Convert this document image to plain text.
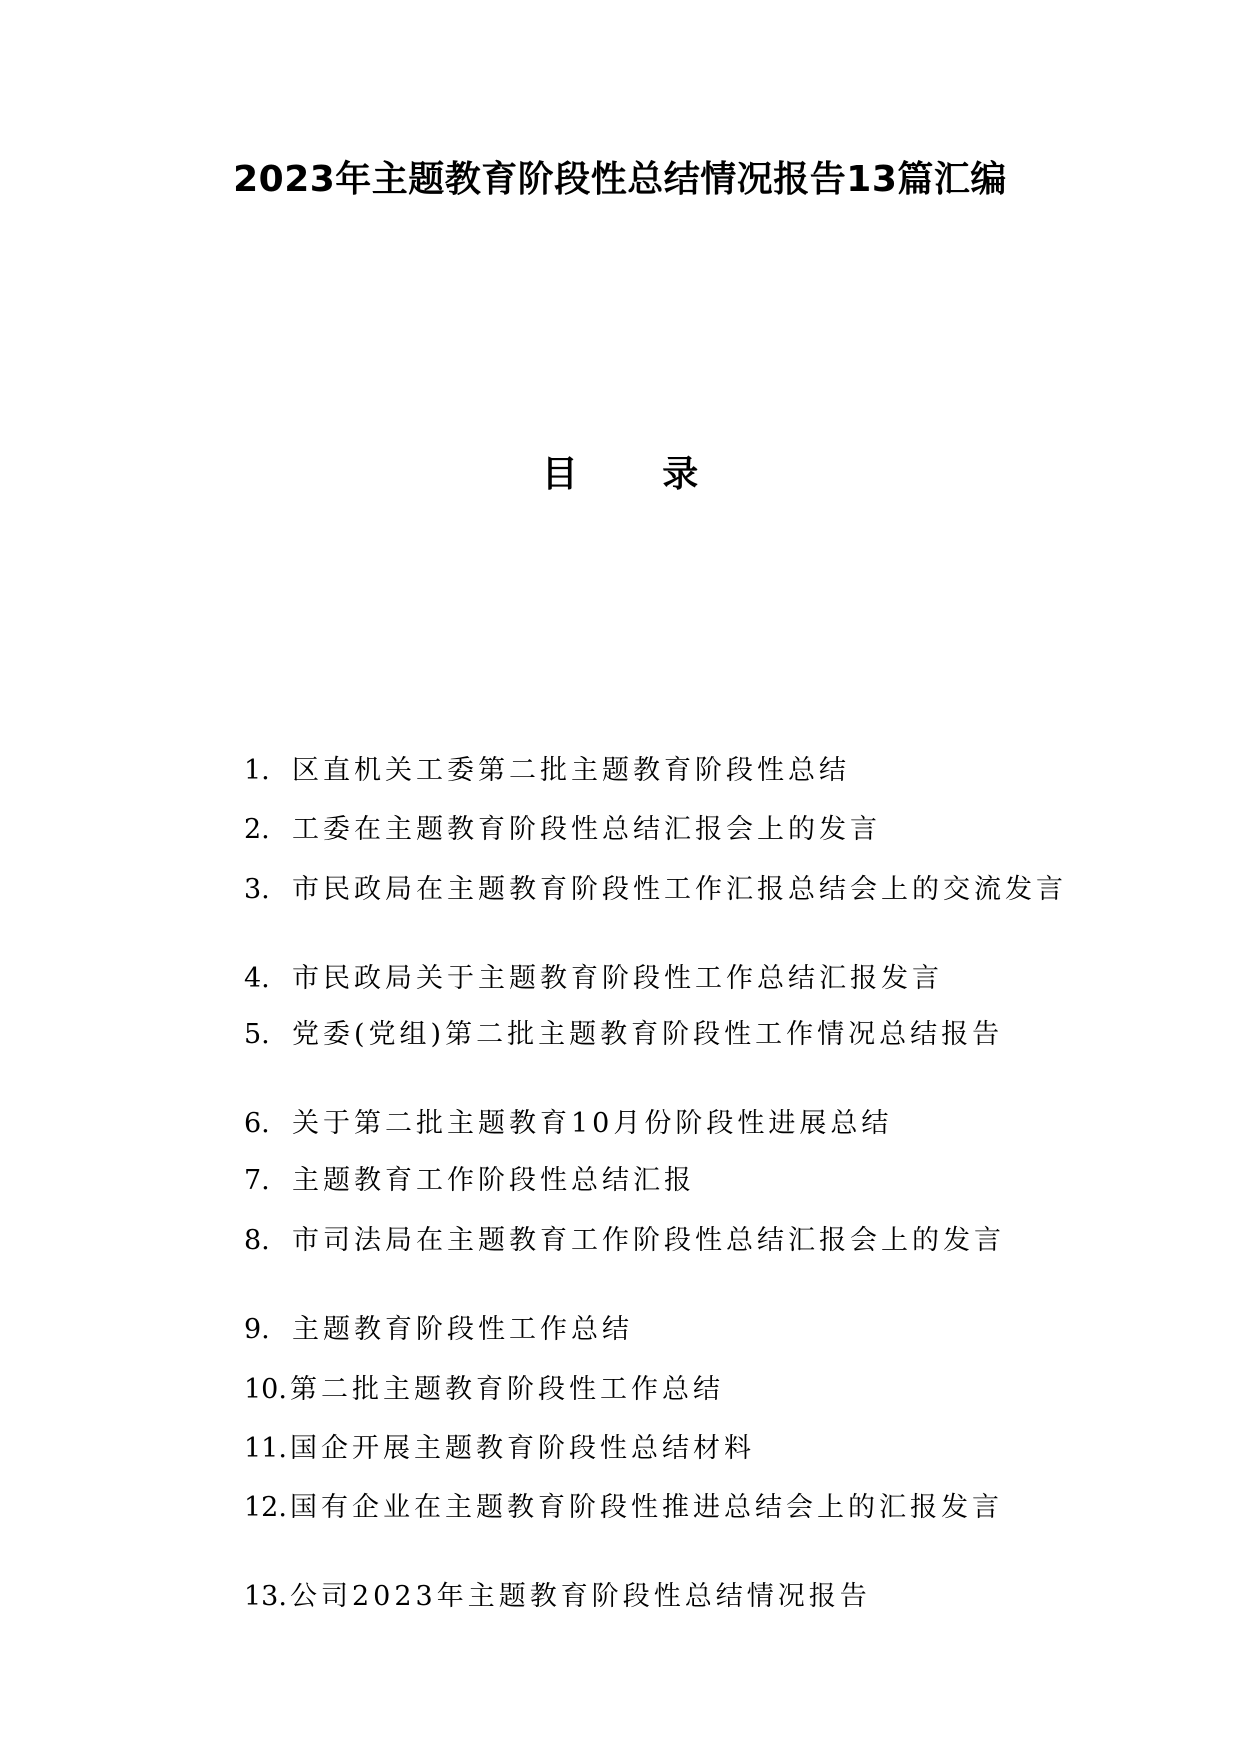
2023年主题教育阶段性总结情况报告13篇汇编
目 录
1. 区直机关工委第二批主题教育阶段性总结
2. 工委在主题教育阶段性总结汇报会上的发言
3. 市民政局在主题教育阶段性工作汇报总结会上的交流发言
4. 市民政局关于主题教育阶段性工作总结汇报发言
5. 党委(党组)第二批主题教育阶段性工作情况总结报告
6. 关于第二批主题教育10月份阶段性进展总结
7. 主题教育工作阶段性总结汇报
8. 市司法局在主题教育工作阶段性总结汇报会上的发言
9. 主题教育阶段性工作总结
10. 第二批主题教育阶段性工作总结
11. 国企开展主题教育阶段性总结材料
12. 国有企业在主题教育阶段性推进总结会上的汇报发言
13. 公司2023年主题教育阶段性总结情况报告
